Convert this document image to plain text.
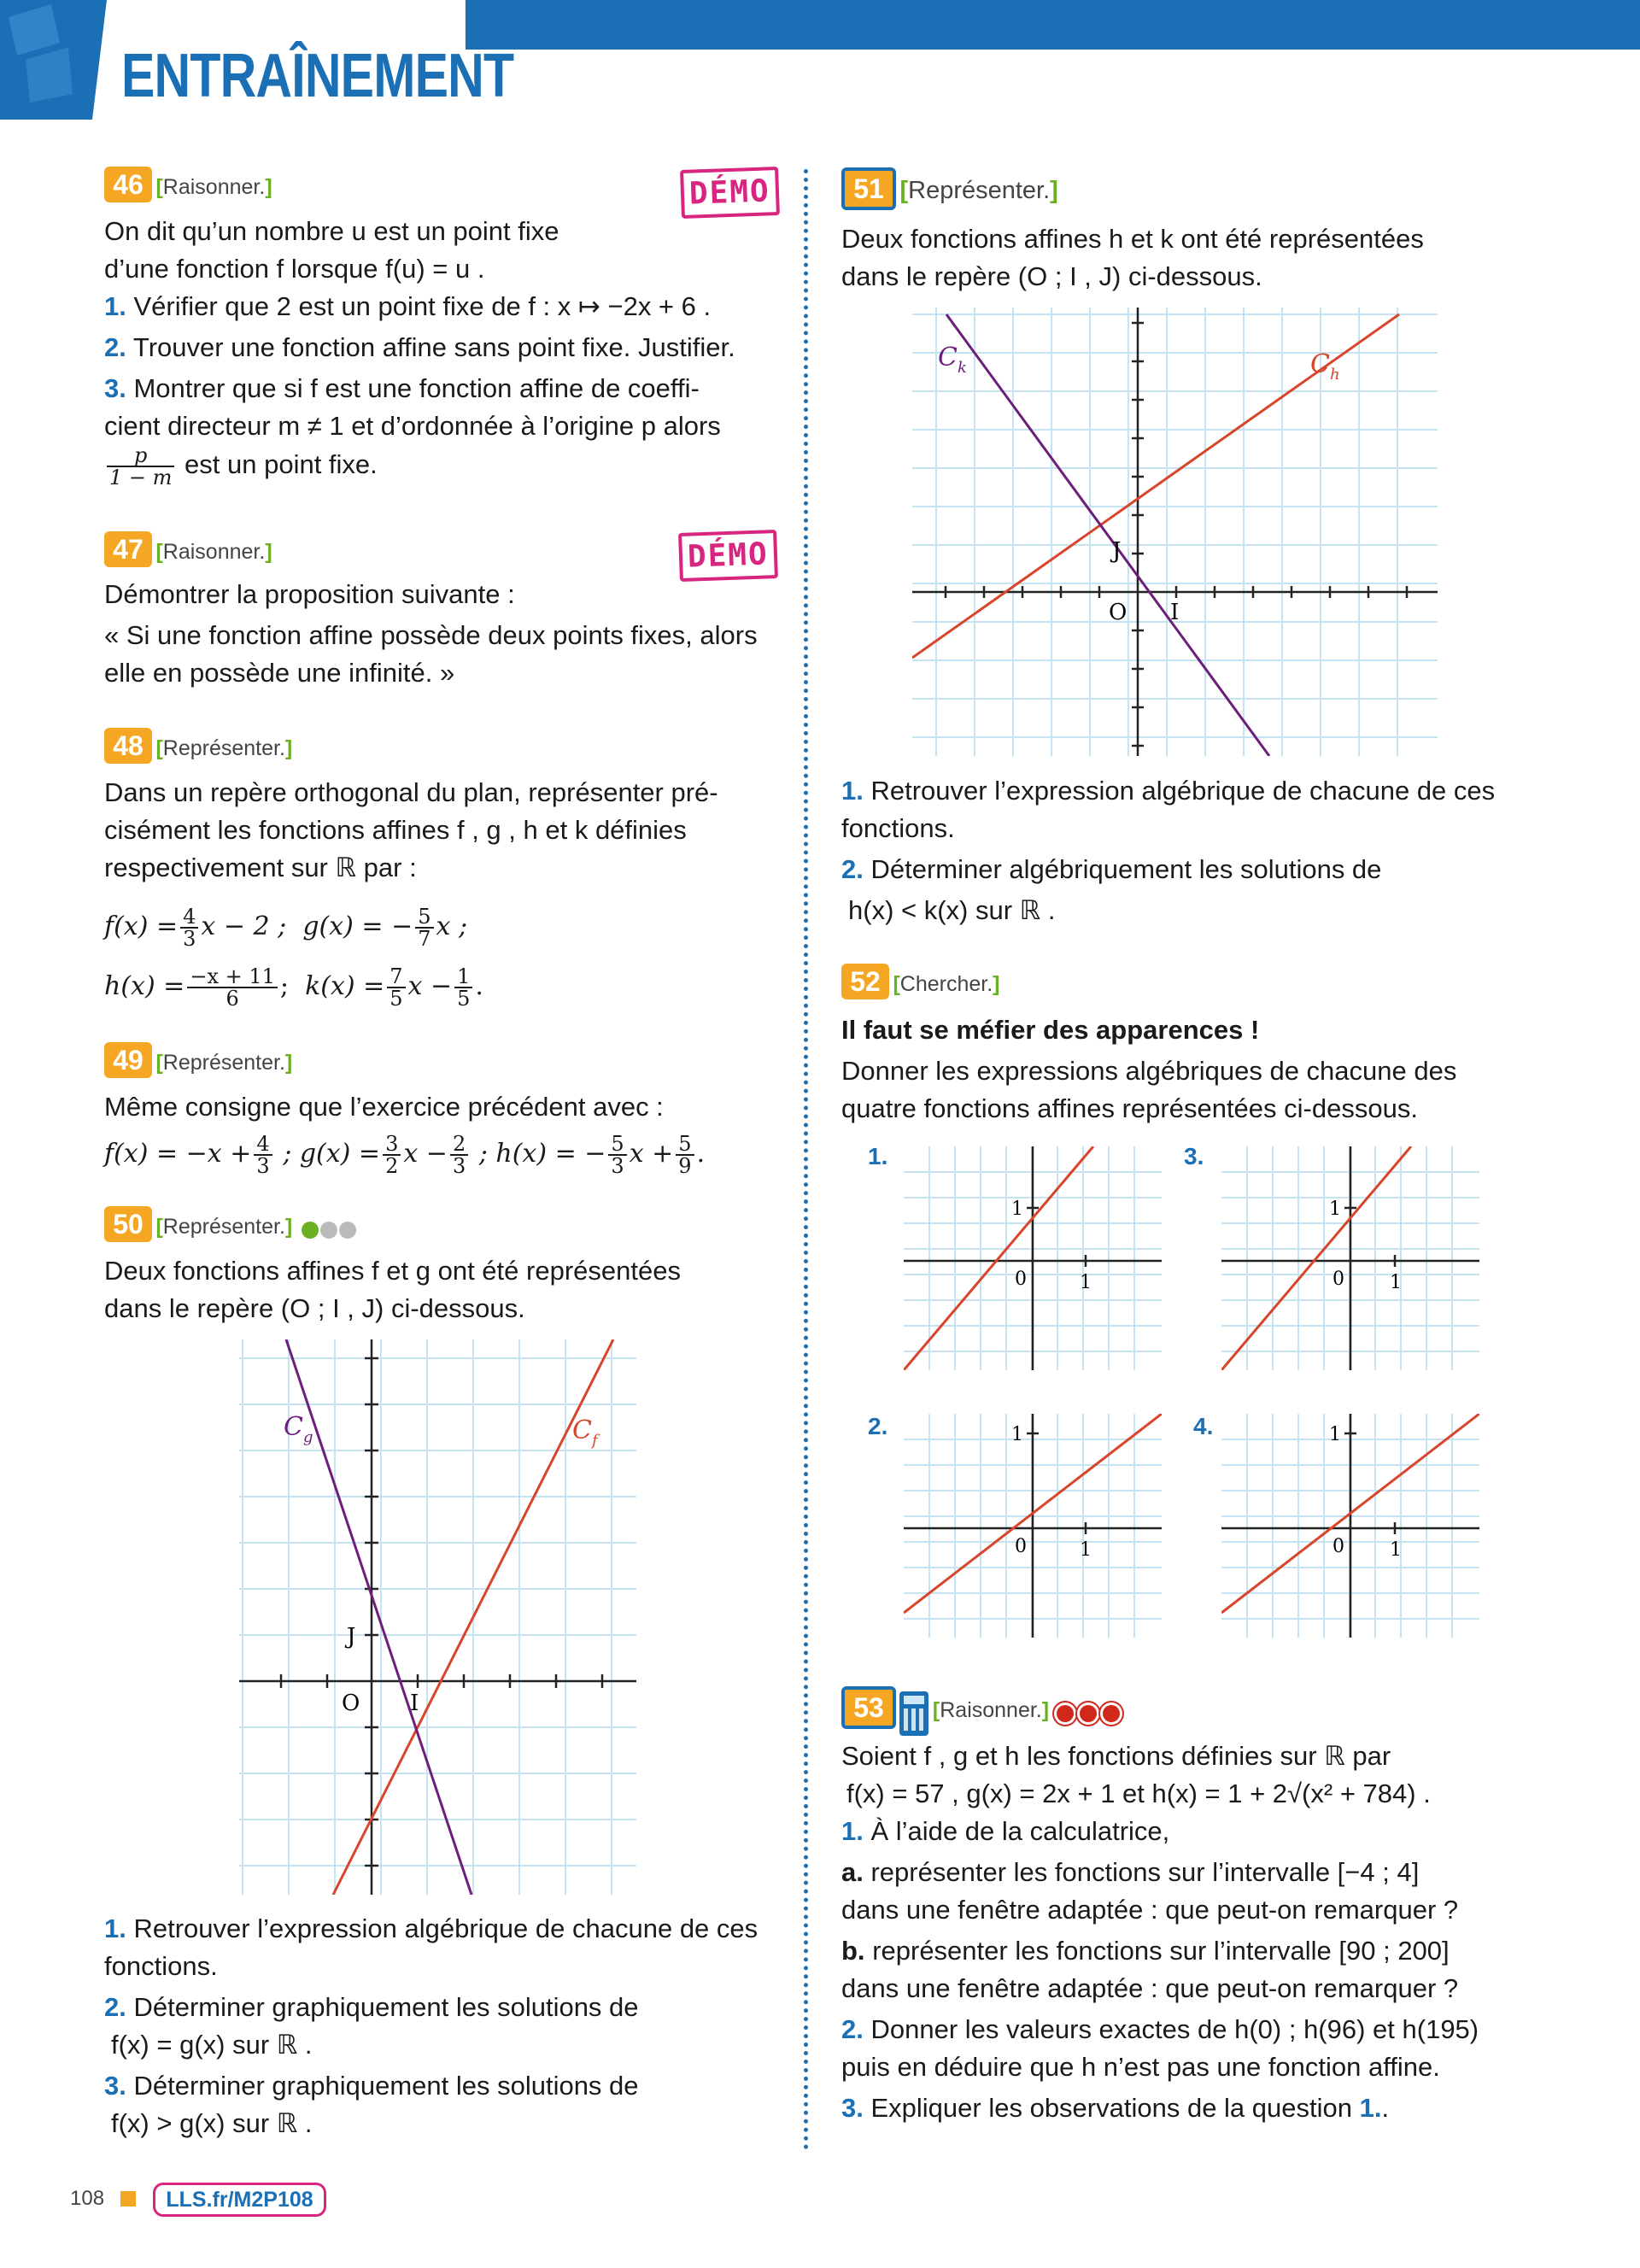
ENTRAÎNEMENT
46 [Raisonner.]
On dit qu’un nombre u est un point fixe
d’une fonction f lorsque f(u) = u .
1. Vérifier que 2 est un point fixe de f : x ↦ −2x + 6 .
2. Trouver une fonction affine sans point fixe. Justifier.
3. Montrer que si f est une fonction affine de coeffi-
cient directeur m ≠ 1 et d’ordonnée à l’origine p alors
$\frac{p}{1 - m}$ est un point fixe.
DÉMO
47 [Raisonner.]
Démontrer la proposition suivante :
« Si une fonction affine possède deux points fixes, alors
elle en possède une infinité. »
DÉMO
48 [Représenter.]
Dans un repère orthogonal du plan, représenter pré-
cisément les fonctions affines f , g , h et k définies
respectivement sur ℝ par :
$f(x) = \frac{4}{3}$ x − 2 ; g(x) = − $\frac{5}{7}$ x ;
$h(x) = \frac{-x + 11}{6}$ ; $k(x) = \frac{7}{5}$ $x - \frac{1}{5}$ .
49 [Représenter.]
Même consigne que l’exercice précédent avec :
$f(x) = -x + \frac{4}{3}$ ; $g(x) = \frac{3}{2}$ $x - \frac{2}{3}$ ; h(x) = − $\frac{5}{3}$ $x + \frac{5}{9}$ .
50 [Représenter.]
Deux fonctions affines f et g ont été représentées
dans le repère (O ; I , J) ci-dessous.
$C_g$	$C_f$
O I
J
1. Retrouver l’expression algébrique de chacune de ces
fonctions.
2. Déterminer graphiquement les solutions de
f(x) = g(x) sur ℝ .
3. Déterminer graphiquement les solutions de
f(x) > g(x) sur ℝ .
51 [Représenter.]
Deux fonctions affines h et k ont été représentées
dans le repère (O ; I , J) ci-dessous.
$C_k$	$C_h$
O I
J
1. Retrouver l’expression algébrique de chacune de ces
fonctions.
2. Déterminer algébriquement les solutions de
h(x) < k(x) sur ℝ .
52 [Chercher.]
Il faut se méfier des apparences !
Donner les expressions algébriques de chacune des
quatre fonctions affines représentées ci-dessous.
1.	3.
2.	4.
1
0	1
1
0 1
1
0	1
1
0 1
53 [Raisonner.]
Soient f , g et h les fonctions définies sur ℝ par
f(x) = 57 , g(x) = 2x + 1 et h(x) = 1 + 2√(x² + 784) .
1. À l’aide de la calculatrice,
a. représenter les fonctions sur l’intervalle [−4 ; 4]
dans une fenêtre adaptée : que peut-on remarquer ?
b. représenter les fonctions sur l’intervalle [90 ; 200]
dans une fenêtre adaptée : que peut-on remarquer ?
2. Donner les valeurs exactes de h(0) ; h(96) et h(195)
puis en déduire que h n’est pas une fonction affine.
3. Expliquer les observations de la question 1..
108	LLS.fr/M2P108
